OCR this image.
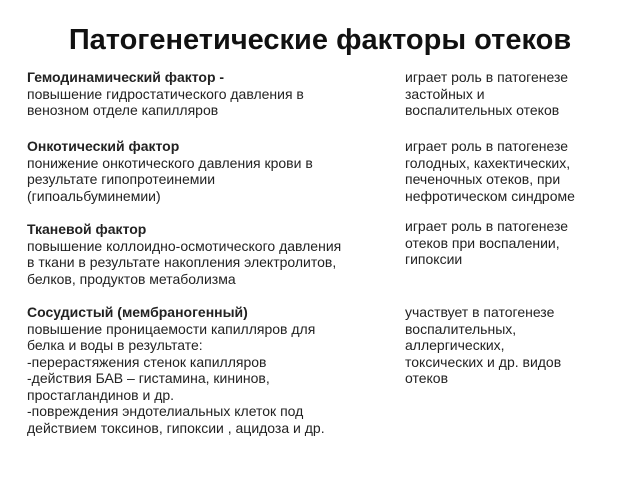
Патогенетические факторы отеков
Гемодинамический фактор -
повышение гидростатического давления в
венозном отделе капилляров
играет роль в патогенезе
застойных и
воспалительных отеков
Онкотический фактор
понижение онкотического давления крови в
результате гипопротеинемии
(гипоальбуминемии)
играет роль в патогенезе
голодных, кахектических,
печеночных отеков, при
нефротическом синдроме
Тканевой фактор
повышение коллоидно-осмотического давления
в ткани в результате накопления электролитов,
белков, продуктов метаболизма
играет роль в патогенезе
отеков при воспалении,
гипоксии
Сосудистый (мембраногенный)
повышение проницаемости капилляров для
белка и воды в результате:
-перерастяжения стенок капилляров
-действия БАВ – гистамина, кининов,
простагландинов и др.
-повреждения эндотелиальных клеток под
действием токсинов, гипоксии , ацидоза и др.
участвует в патогенезе
воспалительных,
аллергических,
токсических и др. видов
отеков
